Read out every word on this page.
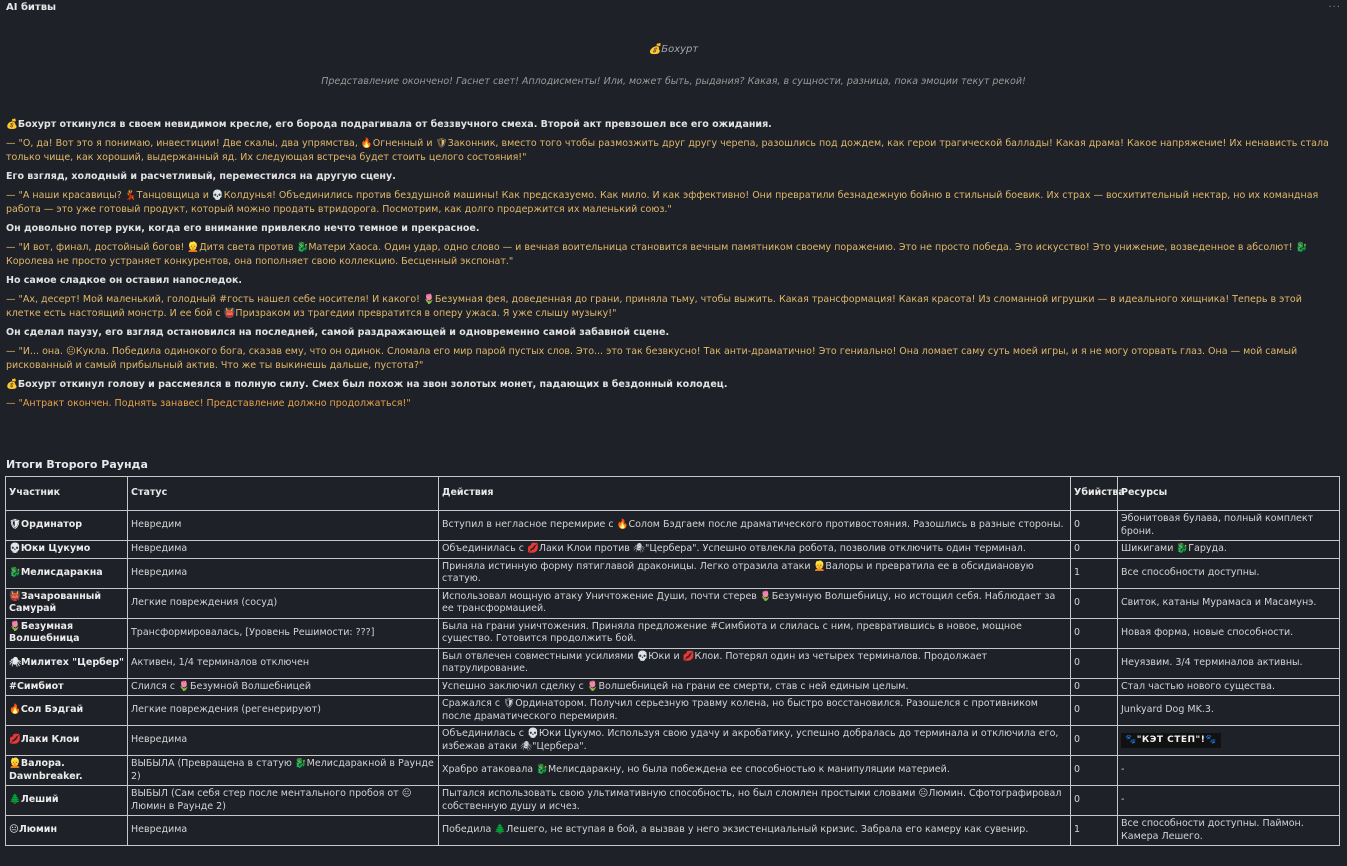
AI битвы	···
💰Бохурт
Представление окончено! Гаснет свет! Аплодисменты! Или, может быть, рыдания? Какая, в сущности, разница, пока эмоции текут рекой!

💰Бохурт откинулся в своем невидимом кресле, его борода подрагивала от беззвучного смеха. Второй акт превзошел все его ожидания.

— "О, да! Вот это я понимаю, инвестиции! Две скалы, два упрямства, 🔥Огненный и 🛡Законник, вместо того чтобы размозжить друг другу черепа, разошлись под дождем, как герои трагической баллады! Какая драма! Какое напряжение! Их ненависть стала только чище, как хороший, выдержанный яд. Их следующая встреча будет стоить целого состояния!"

Его взгляд, холодный и расчетливый, переместился на другую сцену.

— "А наши красавицы? 💃Танцовщица и 💀Колдунья! Объединились против бездушной машины! Как предсказуемо. Как мило. И как эффективно! Они превратили безнадежную бойню в стильный боевик. Их страх — восхитительный нектар, но их командная работа — это уже готовый продукт, который можно продать втридорога. Посмотрим, как долго продержится их маленький союз."

Он довольно потер руки, когда его внимание привлекло нечто темное и прекрасное.

— "И вот, финал, достойный богов! 👱Дитя света против 🐉Матери Хаоса. Один удар, одно слово — и вечная воительница становится вечным памятником своему поражению. Это не просто победа. Это искусство! Это унижение, возведенное в абсолют! 🐉Королева не просто устраняет конкурентов, она пополняет свою коллекцию. Бесценный экспонат."

Но самое сладкое он оставил напоследок.

— "Ах, десерт! Мой маленький, голодный #гость нашел себе носителя! И какого! 🌷Безумная фея, доведенная до грани, приняла тьму, чтобы выжить. Какая трансформация! Какая красота! Из сломанной игрушки — в идеального хищника! Теперь в этой клетке есть настоящий монстр. И ее бой с 👹Призраком из трагедии превратится в оперу ужаса. Я уже слышу музыку!"

Он сделал паузу, его взгляд остановился на последней, самой раздражающей и одновременно самой забавной сцене.

— "И... она. 😐Кукла. Победила одинокого бога, сказав ему, что он одинок. Сломала его мир парой пустых слов. Это... это так безвкусно! Так анти-драматично! Это гениально! Она ломает саму суть моей игры, и я не могу оторвать глаз. Она — мой самый рискованный и самый прибыльный актив. Что же ты выкинешь дальше, пустота?"

💰Бохурт откинул голову и рассмеялся в полную силу. Смех был похож на звон золотых монет, падающих в бездонный колодец.

— "Антракт окончен. Поднять занавес! Представление должно продолжаться!"

Итоги Второго Раунда
Участник	Статус	Действия	Убийства	Ресурсы
🛡Ординатор	Невредим	Вступил в негласное перемирие с 🔥Солом Бэдгаем после драматического противостояния. Разошлись в разные стороны.	0	Эбонитовая булава, полный комплект брони.
💀Юки Цукумо	Невредима	Объединилась с 💋Лаки Клои против 🕷"Цербера". Успешно отвлекла робота, позволив отключить один терминал.	0	Шикигами 🐉Гаруда.
🐉Мелисдаракна	Невредима	Приняла истинную форму пятиглавой драконицы. Легко отразила атаки 👱Валоры и превратила ее в обсидиановую статую.	1	Все способности доступны.
👹Зачарованный Самурай	Легкие повреждения (сосуд)	Использовал мощную атаку Уничтожение Души, почти стерев 🌷Безумную Волшебницу, но истощил себя. Наблюдает за ее трансформацией.	0	Свиток, катаны Мурамаса и Масамунэ.
🌷Безумная Волшебница	Трансформировалась, [Уровень Решимости: ???]	Была на грани уничтожения. Приняла предложение #Симбиота и слилась с ним, превратившись в новое, мощное существо. Готовится продолжить бой.	0	Новая форма, новые способности.
🕷Милитех "Цербер"	Активен, 1/4 терминалов отключен	Был отвлечен совместными усилиями 💀Юки и 💋Клои. Потерял один из четырех терминалов. Продолжает патрулирование.	0	Неуязвим. 3/4 терминалов активны.
#Симбиот	Слился с 🌷Безумной Волшебницей	Успешно заключил сделку с 🌷Волшебницей на грани ее смерти, став с ней единым целым.	0	Стал частью нового существа.
🔥Сол Бэдгай	Легкие повреждения (регенерируют)	Сражался с 🛡Ординатором. Получил серьезную травму колена, но быстро восстановился. Разошелся с противником после драматического перемирия.	0	Junkyard Dog MK.3.
💋Лаки Клои	Невредима	Объединилась с 💀Юки Цукумо. Используя свою удачу и акробатику, успешно добралась до терминала и отключила его, избежав атаки 🕷"Цербера".	0	🐾"КЭТ СТЕП"!🐾
👱Валора. Dawnbreaker.	ВЫБЫЛА (Превращена в статую 🐉Мелисдаракной в Раунде 2)	Храбро атаковала 🐉Мелисдаракну, но была побеждена ее способностью к манипуляции материей.	0	-
🌲Леший	ВЫБЫЛ (Сам себя стер после ментального пробоя от 😐Люмин в Раунде 2)	Пытался использовать свою ультимативную способность, но был сломлен простыми словами 😐Люмин. Сфотографировал собственную душу и исчез.	0	-
😐Люмин	Невредима	Победила 🌲Лешего, не вступая в бой, а вызвав у него экзистенциальный кризис. Забрала его камеру как сувенир.	1	Все способности доступны. Паймон. Камера Лешего.
